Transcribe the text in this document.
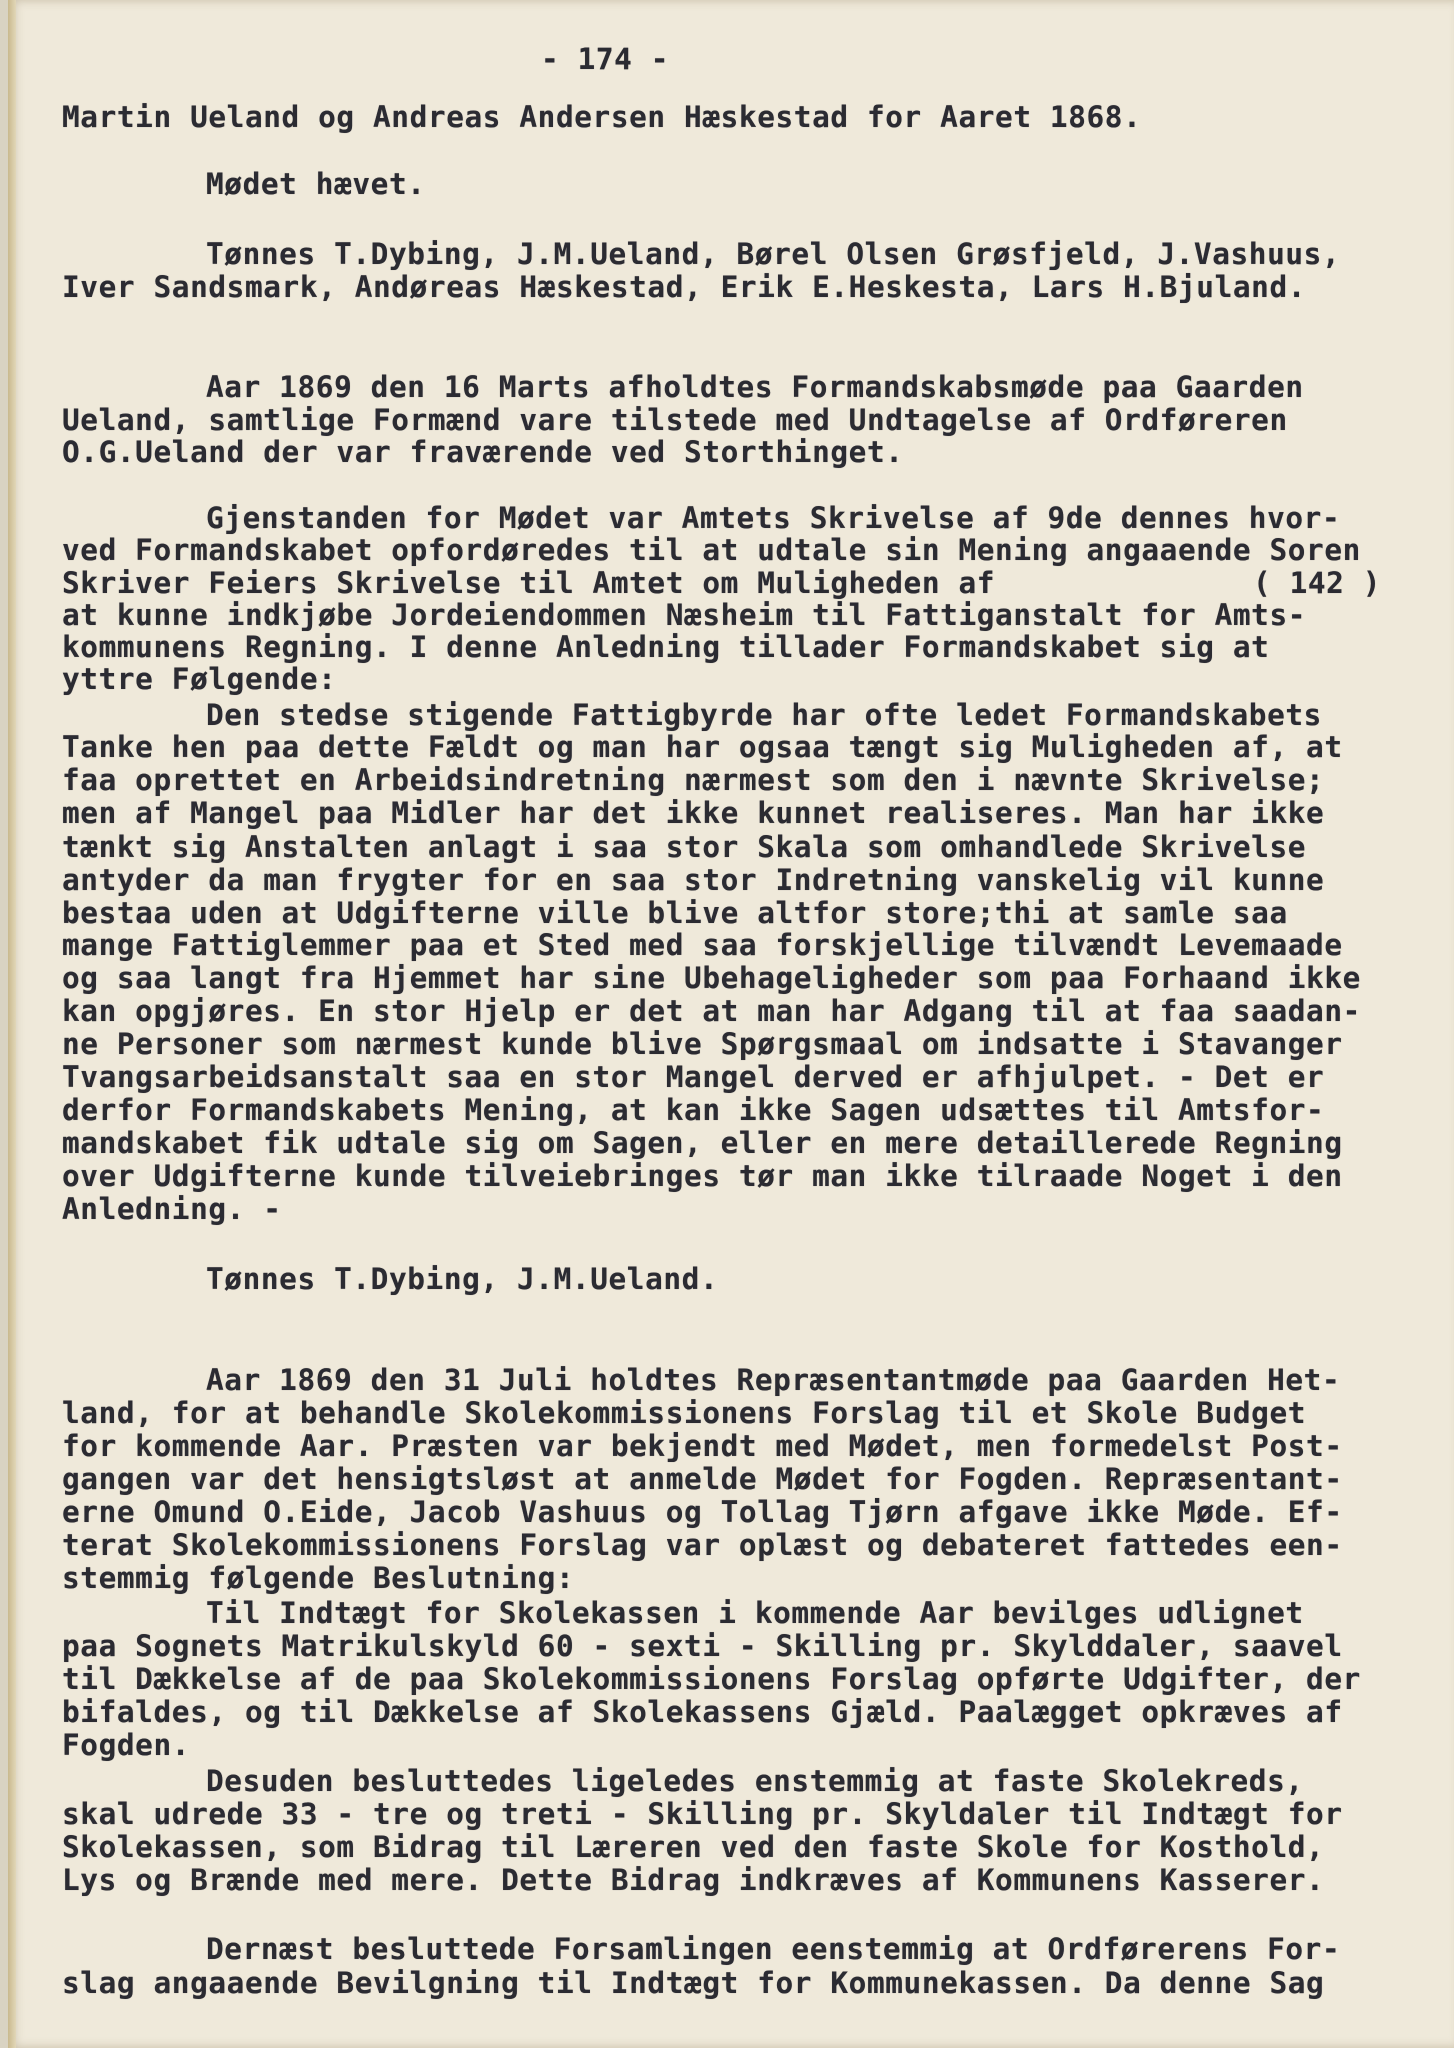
- 174 -
Martin Ueland og Andreas Andersen Hæskestad for Aaret 1868.
Mødet hævet.
Tønnes T.Dybing, J.M.Ueland, Børel Olsen Grøsfjeld, J.Vashuus,
Iver Sandsmark, Andøreas Hæskestad, Erik E.Heskesta, Lars H.Bjuland.
Aar 1869 den 16 Marts afholdtes Formandskabsmøde paa Gaarden
Ueland, samtlige Formænd vare tilstede med Undtagelse af Ordføreren
O.G.Ueland der var fraværende ved Storthinget.
Gjenstanden for Mødet var Amtets Skrivelse af 9de dennes hvor-
ved Formandskabet opfordøredes til at udtale sin Mening angaaende Soren
Skriver Feiers Skrivelse til Amtet om Muligheden af	( 142 )
at kunne indkjøbe Jordeiendommen Næsheim til Fattiganstalt for Amts-
kommunens Regning. I denne Anledning tillader Formandskabet sig at
yttre Følgende:
Den stedse stigende Fattigbyrde har ofte ledet Formandskabets
Tanke hen paa dette Fældt og man har ogsaa tængt sig Muligheden af, at
faa oprettet en Arbeidsindretning nærmest som den i nævnte Skrivelse;
men af Mangel paa Midler har det ikke kunnet realiseres. Man har ikke
tænkt sig Anstalten anlagt i saa stor Skala som omhandlede Skrivelse
antyder da man frygter for en saa stor Indretning vanskelig vil kunne
bestaa uden at Udgifterne ville blive altfor store;thi at samle saa
mange Fattiglemmer paa et Sted med saa forskjellige tilvændt Levemaade
og saa langt fra Hjemmet har sine Ubehageligheder som paa Forhaand ikke
kan opgjøres. En stor Hjelp er det at man har Adgang til at faa saadan-
ne Personer som nærmest kunde blive Spørgsmaal om indsatte i Stavanger
Tvangsarbeidsanstalt saa en stor Mangel derved er afhjulpet. - Det er
derfor Formandskabets Mening, at kan ikke Sagen udsættes til Amtsfor-
mandskabet fik udtale sig om Sagen, eller en mere detaillerede Regning
over Udgifterne kunde tilveiebringes tør man ikke tilraade Noget i den
Anledning. -
Tønnes T.Dybing, J.M.Ueland.
Aar 1869 den 31 Juli holdtes Repræsentantmøde paa Gaarden Het-
land, for at behandle Skolekommissionens Forslag til et Skole Budget
for kommende Aar. Præsten var bekjendt med Mødet, men formedelst Post-
gangen var det hensigtsløst at anmelde Mødet for Fogden. Repræsentant-
erne Omund O.Eide, Jacob Vashuus og Tollag Tjørn afgave ikke Møde. Ef-
terat Skolekommissionens Forslag var oplæst og debateret fattedes een-
stemmig følgende Beslutning:
Til Indtægt for Skolekassen i kommende Aar bevilges udlignet
paa Sognets Matrikulskyld 60 - sexti - Skilling pr. Skylddaler, saavel
til Dækkelse af de paa Skolekommissionens Forslag opførte Udgifter, der
bifaldes, og til Dækkelse af Skolekassens Gjæld. Paalægget opkræves af
Fogden.
Desuden besluttedes ligeledes enstemmig at faste Skolekreds,
skal udrede 33 - tre og treti - Skilling pr. Skyldaler til Indtægt for
Skolekassen, som Bidrag til Læreren ved den faste Skole for Kosthold,
Lys og Brænde med mere. Dette Bidrag indkræves af Kommunens Kasserer.
Dernæst besluttede Forsamlingen eenstemmig at Ordførerens For-
slag angaaende Bevilgning til Indtægt for Kommunekassen. Da denne Sag
